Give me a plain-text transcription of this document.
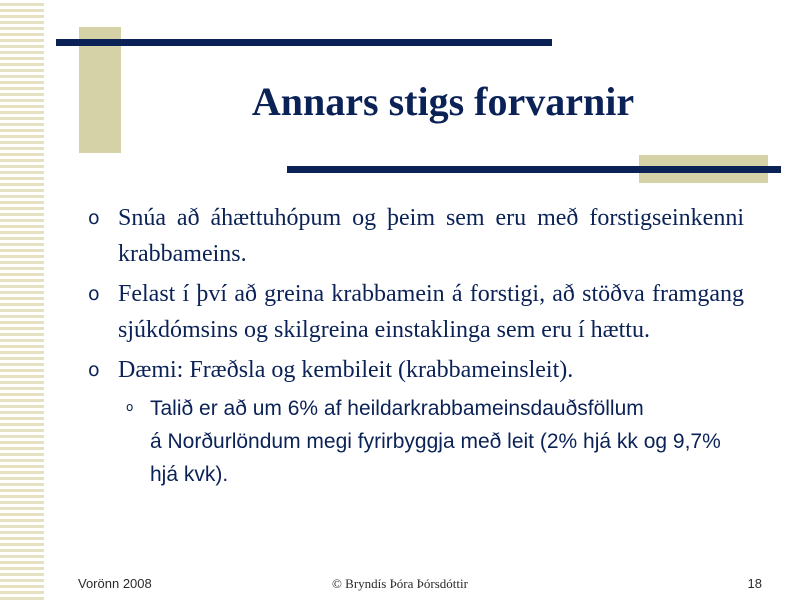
Annars stigs forvarnir
o Snúa að áhættuhópum og þeim sem eru með forstigseinkenni krabbameins.
o Felast í því að greina krabbamein á forstigi, að stöðva framgang sjúkdómsins og skilgreina einstaklinga sem eru í hættu.
o Dæmi: Fræðsla og kembileit (krabbameinsleit).
o Talið er að um 6% af heildarkrabbameinsdauðsföllum
á Norðurlöndum megi fyrirbyggja með leit (2% hjá kk og 9,7% hjá kvk).
Vorönn 2008	© Bryndís Þóra Þórsdóttir	18
